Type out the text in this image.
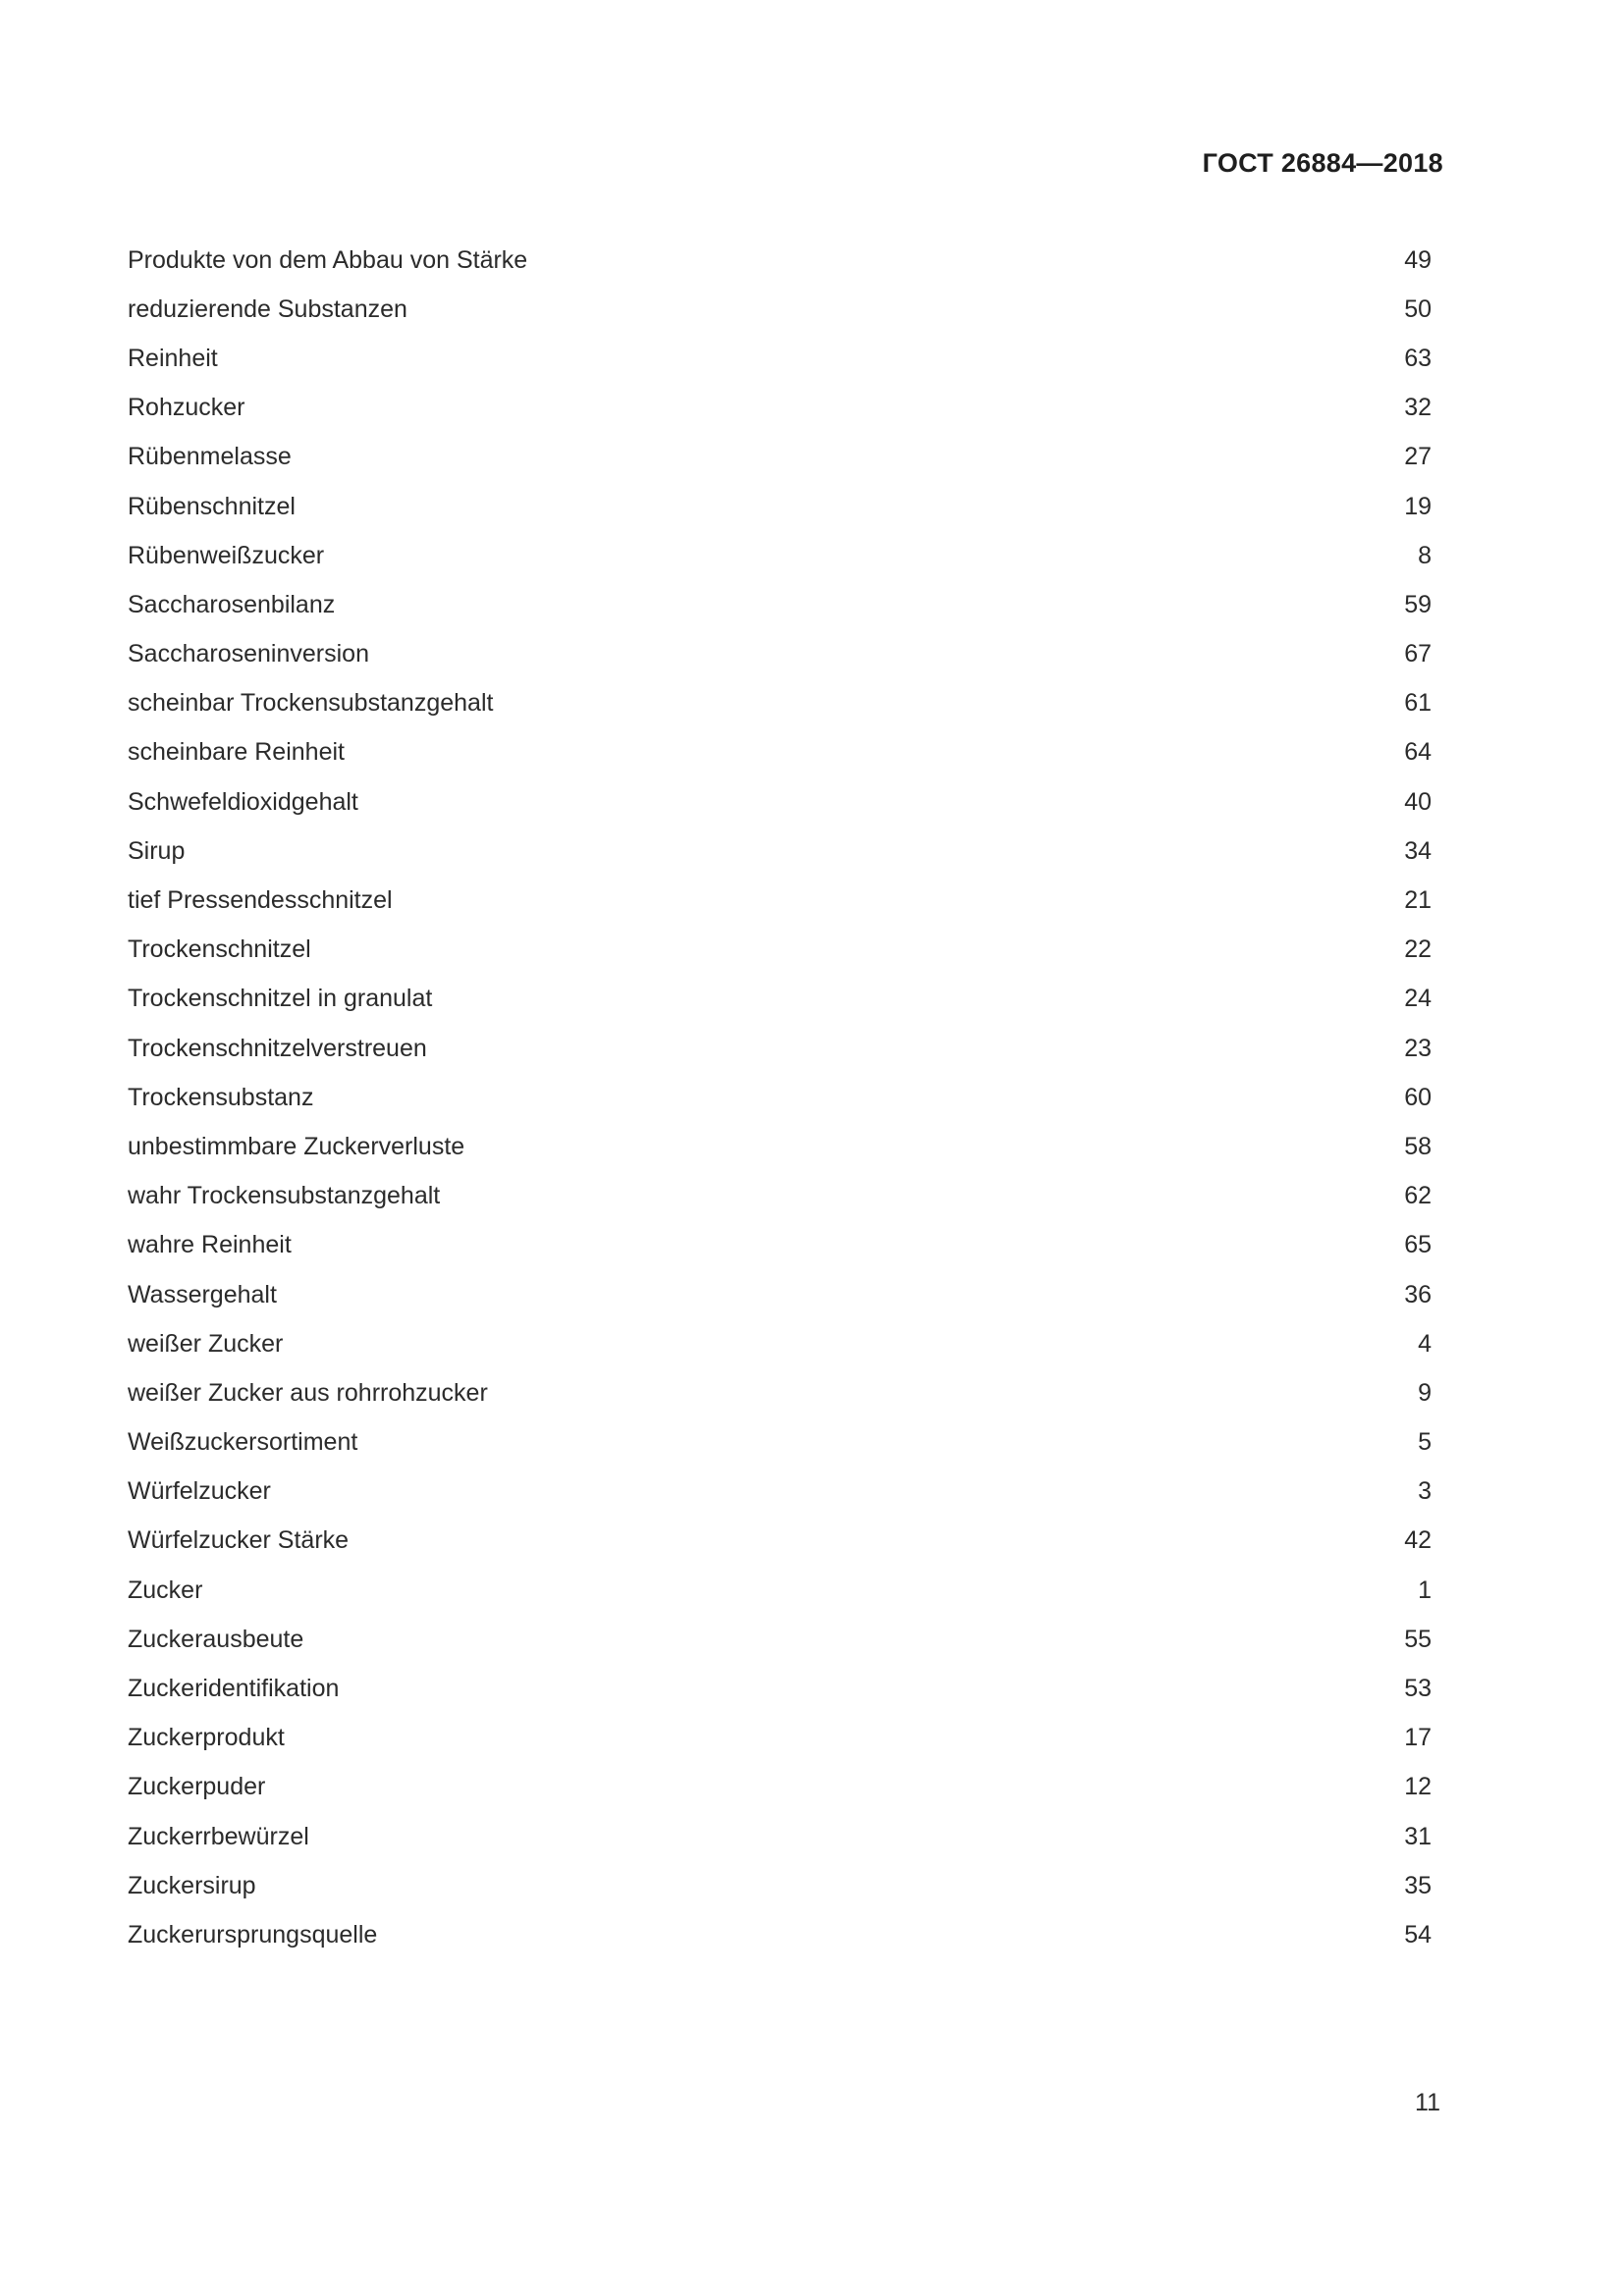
ГОСТ 26884—2018
Produkte von dem Abbau von Stärke	49
reduzierende Substanzen	50
Reinheit	63
Rohzucker	32
Rübenmelasse	27
Rübenschnitzel	19
Rübenweißzucker	8
Saccharosenbilanz	59
Saccharoseninversion	67
scheinbar Trockensubstanzgehalt	61
scheinbare Reinheit	64
Schwefeldioxidgehalt	40
Sirup	34
tief Pressendesschnitzel	21
Trockenschnitzel	22
Trockenschnitzel in granulat	24
Trockenschnitzelverstreuen	23
Trockensubstanz	60
unbestimmbare Zuckerverluste	58
wahr Trockensubstanzgehalt	62
wahre Reinheit	65
Wassergehalt	36
weißer Zucker	4
weißer Zucker aus rohrrohzucker	9
Weißzuckersortiment	5
Würfelzucker	3
Würfelzucker Stärke	42
Zucker	1
Zuckerausbeute	55
Zuckeridentifikation	53
Zuckerprodukt	17
Zuckerpuder	12
Zuckerrbewürzel	31
Zuckersirup	35
Zuckerursprungsquelle	54
11
